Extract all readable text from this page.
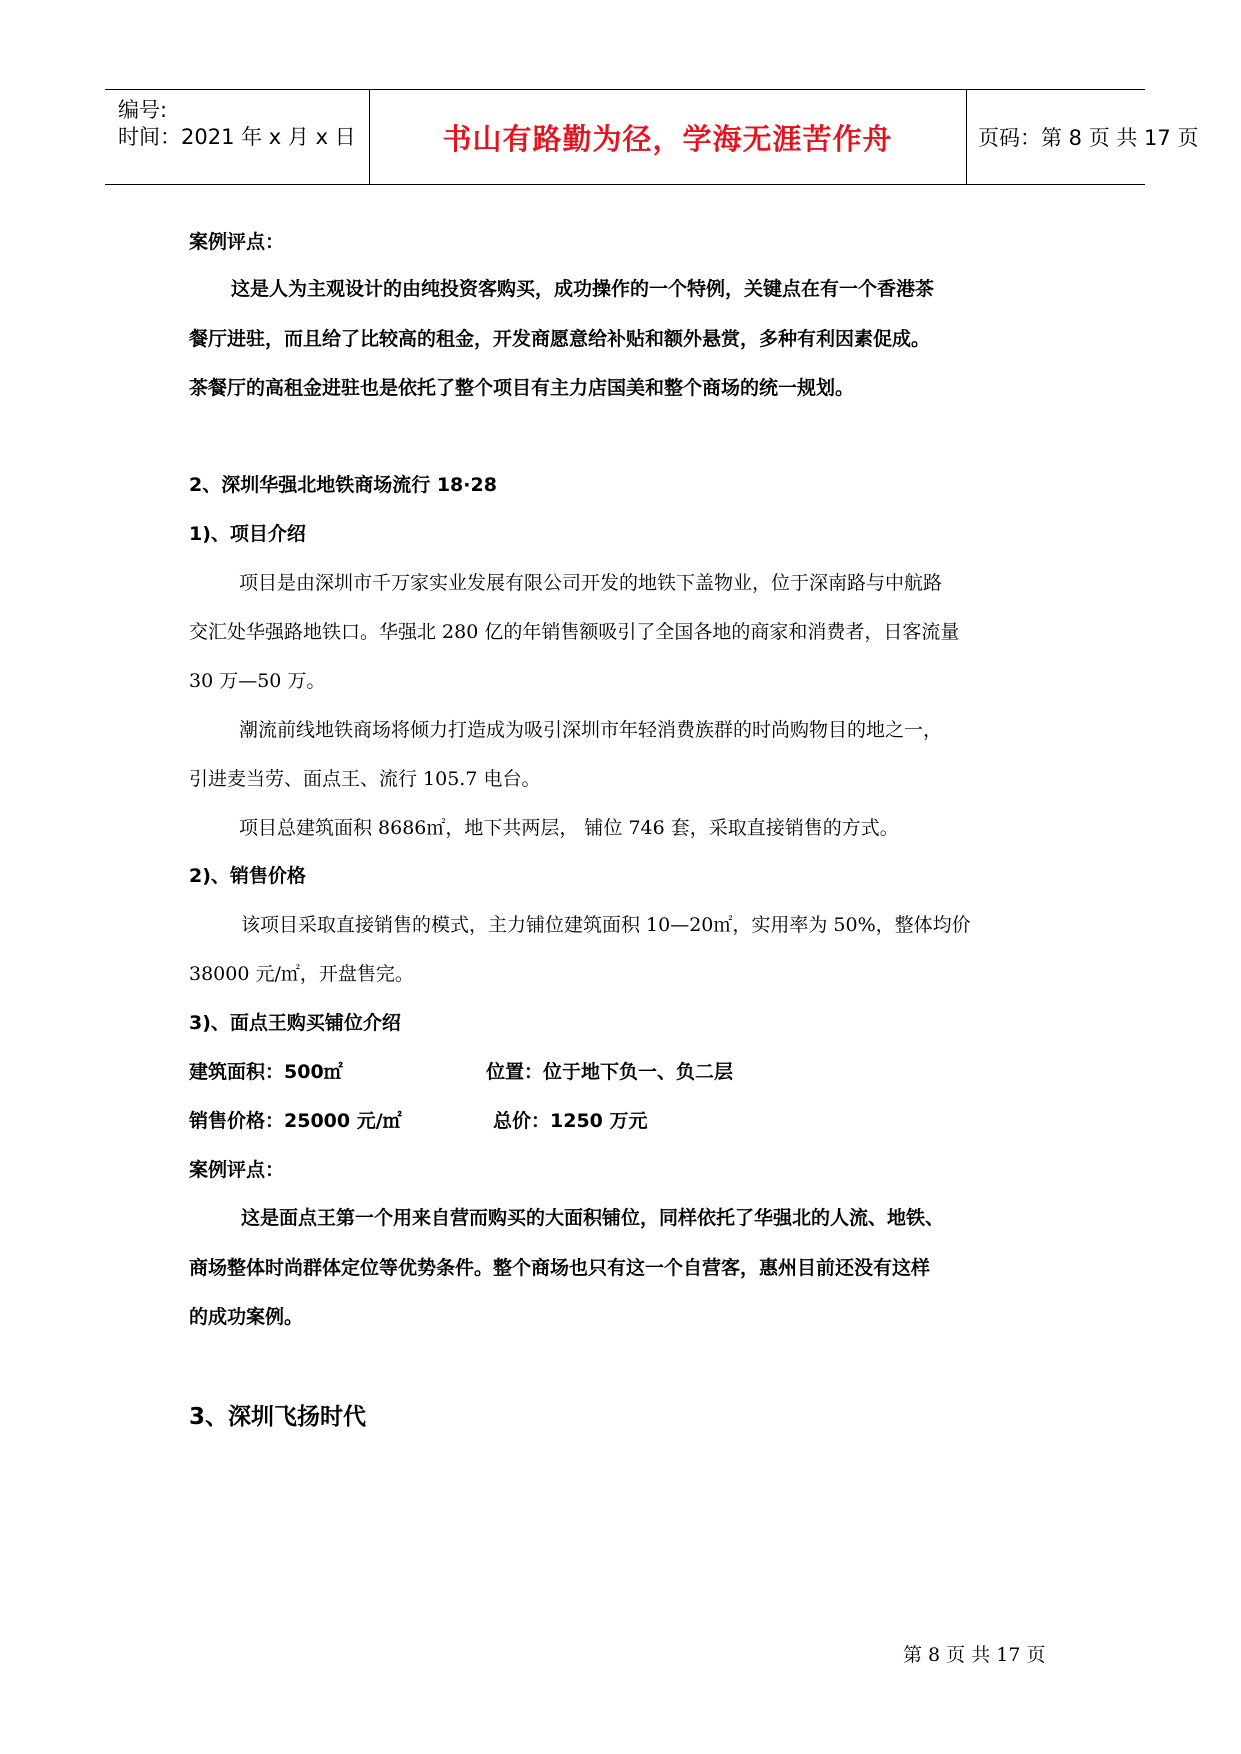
编号:
时间：2021 年 x 月 x 日	书山有路勤为径，学海无涯苦作舟	页码：第 8 页 共 17 页
案例评点：
这是人为主观设计的由纯投资客购买，成功操作的一个特例，关键点在有一个香港茶
餐厅进驻，而且给了比较高的租金，开发商愿意给补贴和额外悬赏，多种有利因素促成。
茶餐厅的高租金进驻也是依托了整个项目有主力店国美和整个商场的统一规划。
2、深圳华强北地铁商场流行 18·28
1)、项目介绍
项目是由深圳市千万家实业发展有限公司开发的地铁下盖物业，位于深南路与中航路
交汇处华强路地铁口。华强北 280 亿的年销售额吸引了全国各地的商家和消费者，日客流量
30 万—50 万。
潮流前线地铁商场将倾力打造成为吸引深圳市年轻消费族群的时尚购物目的地之一，
引进麦当劳、面点王、流行 105.7 电台。
项目总建筑面积 8686㎡，地下共两层， 铺位 746 套，采取直接销售的方式。
2)、销售价格
该项目采取直接销售的模式，主力铺位建筑面积 10—20㎡，实用率为 50%，整体均价
38000 元/㎡，开盘售完。
3)、面点王购买铺位介绍
建筑面积：500㎡	位置：位于地下负一、负二层
销售价格：25000 元/㎡	总价：1250 万元
案例评点：
这是面点王第一个用来自营而购买的大面积铺位，同样依托了华强北的人流、地铁、
商场整体时尚群体定位等优势条件。整个商场也只有这一个自营客，惠州目前还没有这样
的成功案例。
3、深圳飞扬时代
第 8 页 共 17 页
